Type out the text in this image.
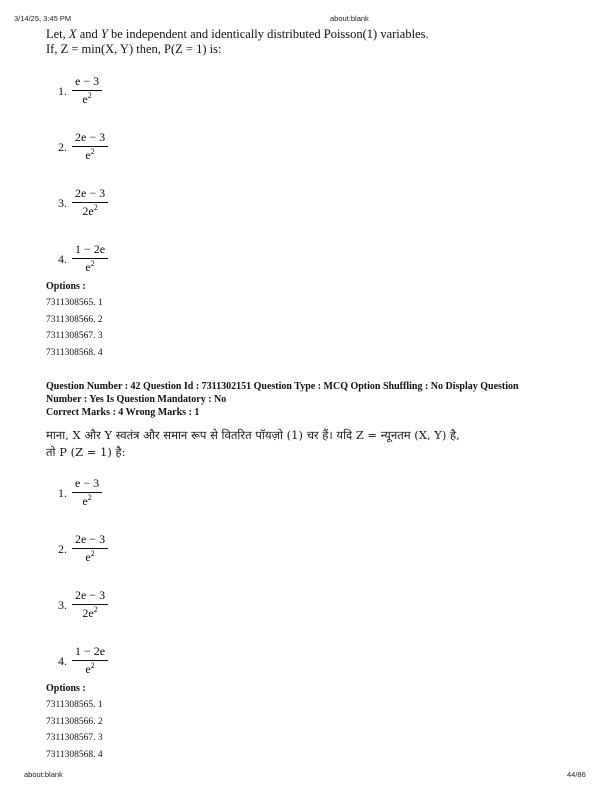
3/14/25, 3:45 PM	about:blank

Let, X and Y be independent and identically distributed Poisson(1) variables.

If, Z = min(X, Y) then, P(Z = 1) is:

1.
e − 3
$e^2$
2.
2e − 3
$e^2$
3.
2e − 3
$2e^2$
4.
1 − 2e
$e^2$
Options :
7311308565. 1
7311308566. 2
7311308567. 3
7311308568. 4

Question Number : 42 Question Id : 7311302151 Question Type : MCQ Option Shuffling : No Display Question

Number : Yes Is Question Mandatory : No

Correct Marks : 4 Wrong Marks : 1

माना, X और Y स्वतंत्र और समान रूप से वितरित पॉयज़ो (1) चर हैं। यदि Z = न्यूनतम (X, Y) है,

तो P (Z = 1) है:

1.
e − 3
$e^2$
2.
2e − 3
$e^2$
3.
2e − 3
$2e^2$
4.
1 − 2e
$e^2$
Options :
7311308565. 1
7311308566. 2
7311308567. 3
7311308568. 4
about:blank	44/86
